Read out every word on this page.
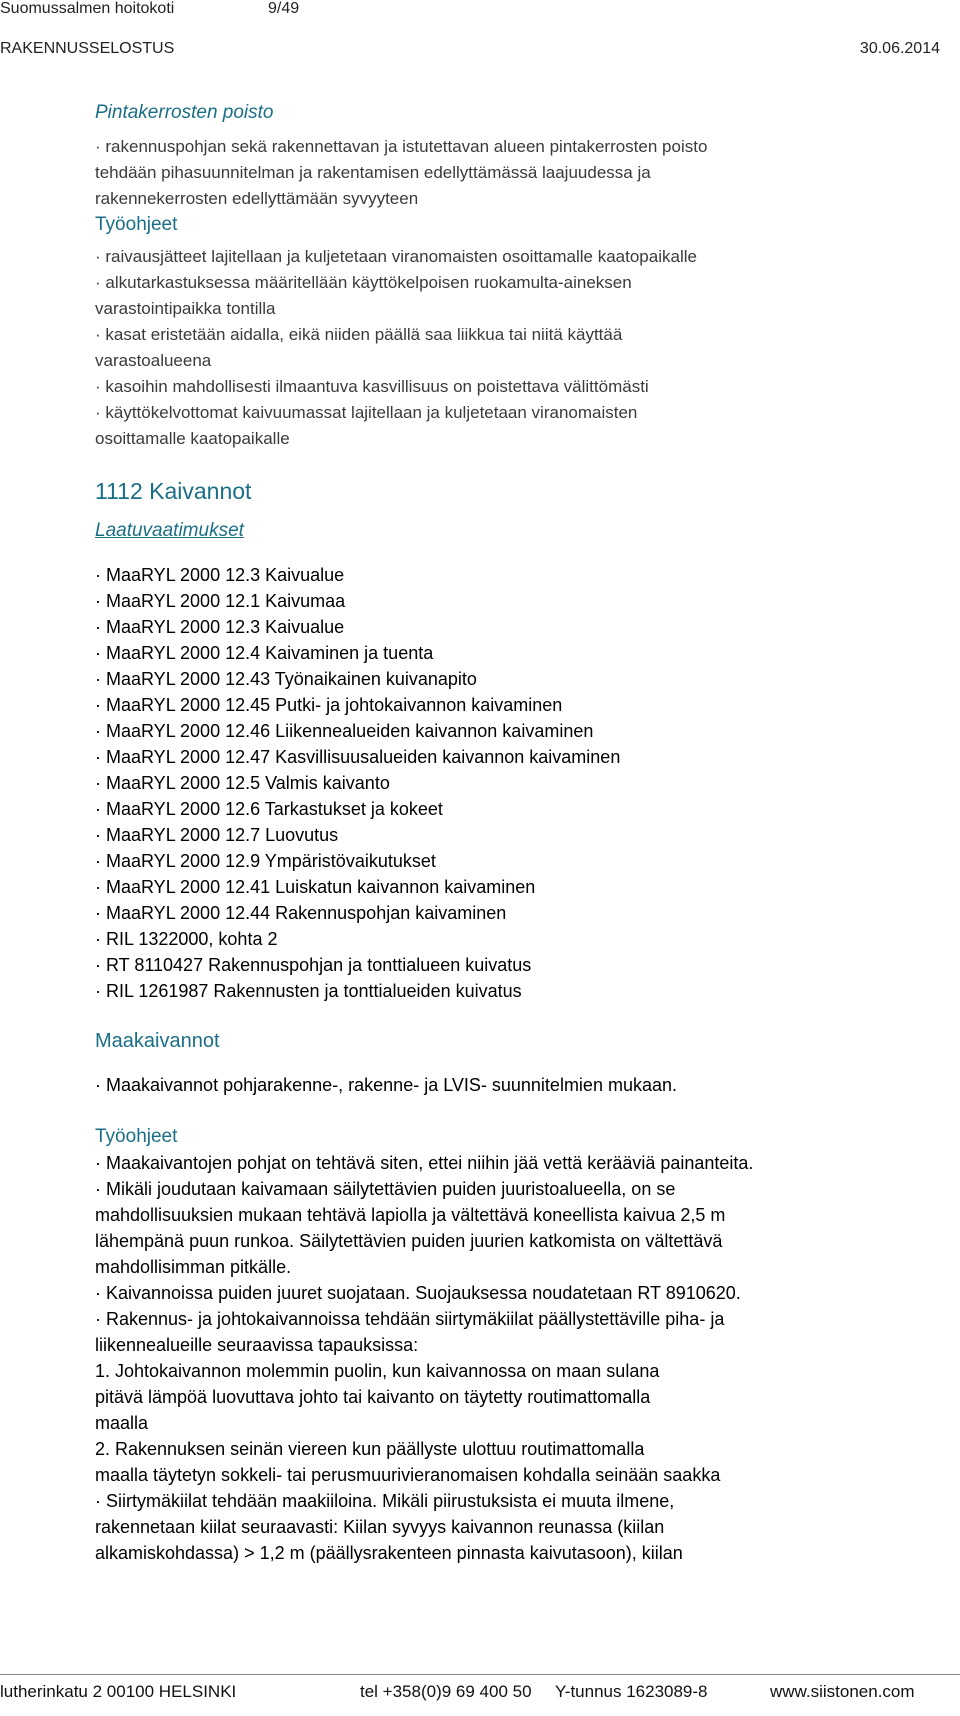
Suomussalmen hoitokoti	9/49
RAKENNUSSELOSTUS	30.06.2014
Pintakerrosten poisto
· rakennuspohjan sekä rakennettavan ja istutettavan alueen pintakerrosten poisto
tehdään pihasuunnitelman ja rakentamisen edellyttämässä laajuudessa ja
rakennekerrosten edellyttämään syvyyteen
Työohjeet
· raivausjätteet lajitellaan ja kuljetetaan viranomaisten osoittamalle kaatopaikalle
· alkutarkastuksessa määritellään käyttökelpoisen ruokamulta-aineksen
varastointipaikka tontilla
· kasat eristetään aidalla, eikä niiden päällä saa liikkua tai niitä käyttää
varastoalueena
· kasoihin mahdollisesti ilmaantuva kasvillisuus on poistettava välittömästi
· käyttökelvottomat kaivuumassat lajitellaan ja kuljetetaan viranomaisten
osoittamalle kaatopaikalle
1112 Kaivannot
Laatuvaatimukset
· MaaRYL 2000 12.3 Kaivualue
· MaaRYL 2000 12.1 Kaivumaa
· MaaRYL 2000 12.3 Kaivualue
· MaaRYL 2000 12.4 Kaivaminen ja tuenta
· MaaRYL 2000 12.43 Työnaikainen kuivanapito
· MaaRYL 2000 12.45 Putki- ja johtokaivannon kaivaminen
· MaaRYL 2000 12.46 Liikennealueiden kaivannon kaivaminen
· MaaRYL 2000 12.47 Kasvillisuusalueiden kaivannon kaivaminen
· MaaRYL 2000 12.5 Valmis kaivanto
· MaaRYL 2000 12.6 Tarkastukset ja kokeet
· MaaRYL 2000 12.7 Luovutus
· MaaRYL 2000 12.9 Ympäristövaikutukset
· MaaRYL 2000 12.41 Luiskatun kaivannon kaivaminen
· MaaRYL 2000 12.44 Rakennuspohjan kaivaminen
· RIL 1322000, kohta 2
· RT 8110427 Rakennuspohjan ja tonttialueen kuivatus
· RIL 1261987 Rakennusten ja tonttialueiden kuivatus
Maakaivannot
· Maakaivannot pohjarakenne-, rakenne- ja LVIS- suunnitelmien mukaan.
Työohjeet
· Maakaivantojen pohjat on tehtävä siten, ettei niihin jää vettä kerääviä painanteita.
· Mikäli joudutaan kaivamaan säilytettävien puiden juuristoalueella, on se
mahdollisuuksien mukaan tehtävä lapiolla ja vältettävä koneellista kaivua 2,5 m
lähempänä puun runkoa. Säilytettävien puiden juurien katkomista on vältettävä
mahdollisimman pitkälle.
· Kaivannoissa puiden juuret suojataan. Suojauksessa noudatetaan RT 8910620.
· Rakennus- ja johtokaivannoissa tehdään siirtymäkiilat päällystettäville piha- ja
liikennealueille seuraavissa tapauksissa:
1. Johtokaivannon molemmin puolin, kun kaivannossa on maan sulana
pitävä lämpöä luovuttava johto tai kaivanto on täytetty routimattomalla
maalla
2. Rakennuksen seinän viereen kun päällyste ulottuu routimattomalla
maalla täytetyn sokkeli- tai perusmuurivieranomaisen kohdalla seinään saakka
· Siirtymäkiilat tehdään maakiiloina. Mikäli piirustuksista ei muuta ilmene,
rakennetaan kiilat seuraavasti: Kiilan syvyys kaivannon reunassa (kiilan
alkamiskohdassa) > 1,2 m (päällysrakenteen pinnasta kaivutasoon), kiilan
lutherinkatu 2 00100 HELSINKI	tel +358(0)9 69 400 50 Y-tunnus 1623089-8	www.siistonen.com
